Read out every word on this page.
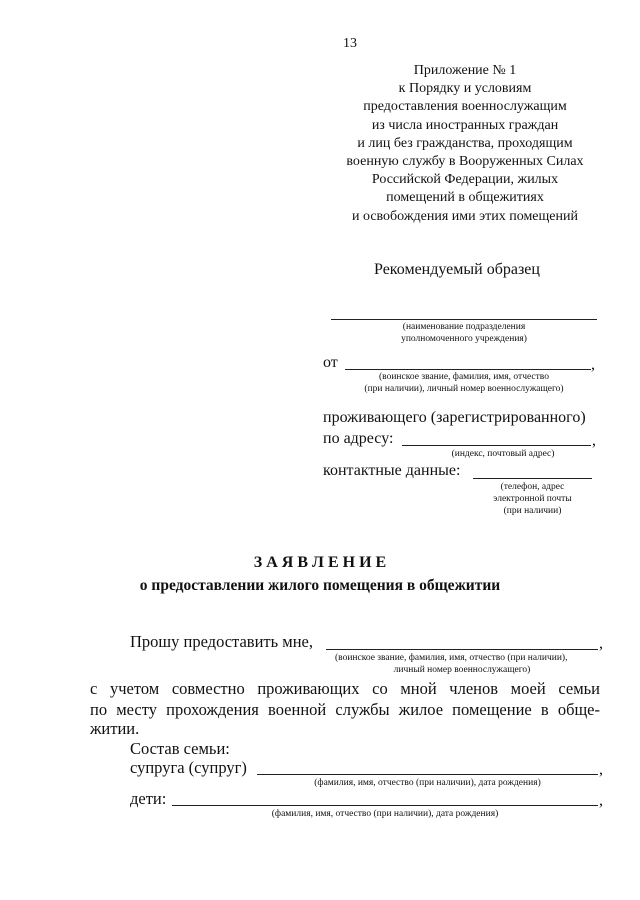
13
Приложение № 1
к Порядку и условиям
предоставления военнослужащим
из числа иностранных граждан
и лиц без гражданства, проходящим
военную службу в Вооруженных Силах
Российской Федерации, жилых
помещений в общежитиях
и освобождения ими этих помещений
Рекомендуемый образец
(наименование подразделения
уполномоченного учреждения)
от	,
(воинское звание, фамилия, имя, отчество
(при наличии), личный номер военнослужащего)
проживающего (зарегистрированного)
по адресу:	,
(индекс, почтовый адрес)
контактные данные:
(телефон, адрес
электронной почты
(при наличии)
З А Я В Л Е Н И Е
о предоставлении жилого помещения в общежитии
Прошу предоставить мне,	,
(воинское звание, фамилия, имя, отчество (при наличии),
личный номер военнослужащего)
с учетом совместно проживающих со мной членов моей семьи
по месту прохождения военной службы жилое помещение в обще-
житии.
Состав семьи:
супруга (супруг)	,
(фамилия, имя, отчество (при наличии), дата рождения)
дети:	,
(фамилия, имя, отчество (при наличии), дата рождения)
